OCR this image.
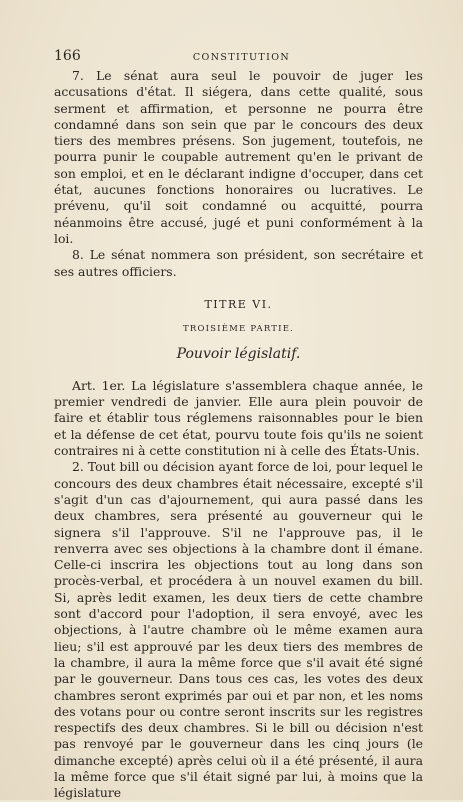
166	CONSTITUTION

7. Le sénat aura seul le pouvoir de juger les accusations d'état. Il siégera, dans cette qualité, sous serment et affirmation, et personne ne pourra être condamné dans son sein que par le concours des deux tiers des membres présens. Son jugement, toutefois, ne pourra punir le coupable autrement qu'en le privant de son emploi, et en le déclarant indigne d'occuper, dans cet état, aucunes fonctions honoraires ou lucratives. Le prévenu, qu'il soit condamné ou acquitté, pourra néanmoins être accusé, jugé et puni conformément à la loi.

8. Le sénat nommera son président, son secrétaire et ses autres officiers.

TITRE VI.
TROISIÈME PARTIE.
Pouvoir législatif.

Art. 1er. La législature s'assemblera chaque année, le premier vendredi de janvier. Elle aura plein pouvoir de faire et établir tous réglemens raisonnables pour le bien et la défense de cet état, pourvu toute fois qu'ils ne soient contraires ni à cette constitution ni à celle des États-Unis.

2. Tout bill ou décision ayant force de loi, pour lequel le concours des deux chambres était nécessaire, excepté s'il s'agit d'un cas d'ajournement, qui aura passé dans les deux chambres, sera présenté au gouverneur qui le signera s'il l'approuve. S'il ne l'approuve pas, il le renverra avec ses objections à la chambre dont il émane. Celle-ci inscrira les objections tout au long dans son procès-verbal, et procédera à un nouvel examen du bill. Si, après ledit examen, les deux tiers de cette chambre sont d'accord pour l'adoption, il sera envoyé, avec les objections, à l'autre chambre où le même examen aura lieu; s'il est approuvé par les deux tiers des membres de la chambre, il aura la même force que s'il avait été signé par le gouverneur. Dans tous ces cas, les votes des deux chambres seront exprimés par oui et par non, et les noms des votans pour ou contre seront inscrits sur les registres respectifs des deux chambres. Si le bill ou décision n'est pas renvoyé par le gouverneur dans les cinq jours (le dimanche excepté) après celui où il a été présenté, il aura la même force que s'il était signé par lui, à moins que la législature
